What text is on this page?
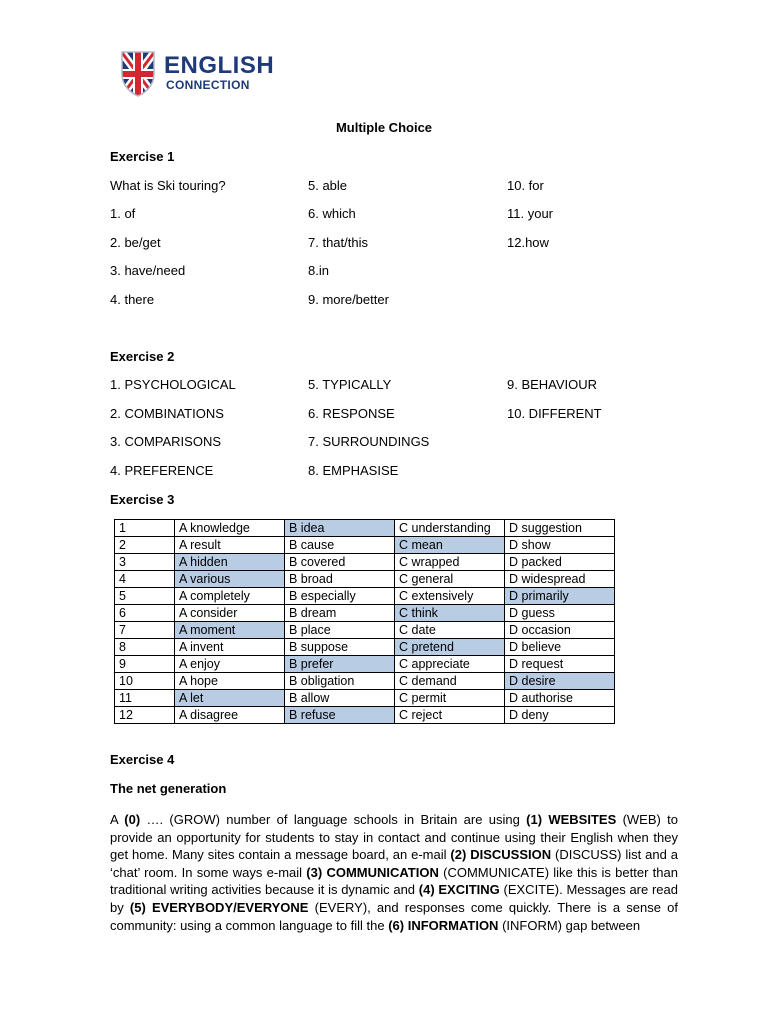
ENGLISH
CONNECTION
Multiple Choice
Exercise 1
What is Ski touring?
1. of
2. be/get
3. have/need
4. there
5. able
6. which
7. that/this
8.in
9. more/better
10. for
11. your
12.how
Exercise 2
1. PSYCHOLOGICAL
2. COMBINATIONS
3. COMPARISONS
4. PREFERENCE
5. TYPICALLY
6. RESPONSE
7. SURROUNDINGS
8. EMPHASISE
9. BEHAVIOUR
10. DIFFERENT
Exercise 3
1	A knowledge	B idea	C understanding	D suggestion
2	A result	B cause	C mean	D show
3	A hidden	B covered	C wrapped	D packed
4	A various	B broad	C general	D widespread
5	A completely	B especially	C extensively	D primarily
6	A consider	B dream	C think	D guess
7	A moment	B place	C date	D occasion
8	A invent	B suppose	C pretend	D believe
9	A enjoy	B prefer	C appreciate	D request
10	A hope	B obligation	C demand	D desire
11	A let	B allow	C permit	D authorise
12	A disagree	B refuse	C reject	D deny
Exercise 4
The net generation
A (0) …. (GROW) number of language schools in Britain are using (1) WEBSITES (WEB) to provide an opportunity for students to stay in contact and continue using their English when they get home. Many sites contain a message board, an e-mail (2) DISCUSSION (DISCUSS) list and a ‘chat’ room. In some ways e-mail (3) COMMUNICATION (COMMUNICATE) like this is better than traditional writing activities because it is dynamic and (4) EXCITING (EXCITE). Messages are read by (5) EVERYBODY/EVERYONE (EVERY), and responses come quickly. There is a sense of community: using a common language to fill the (6) INFORMATION (INFORM) gap between
